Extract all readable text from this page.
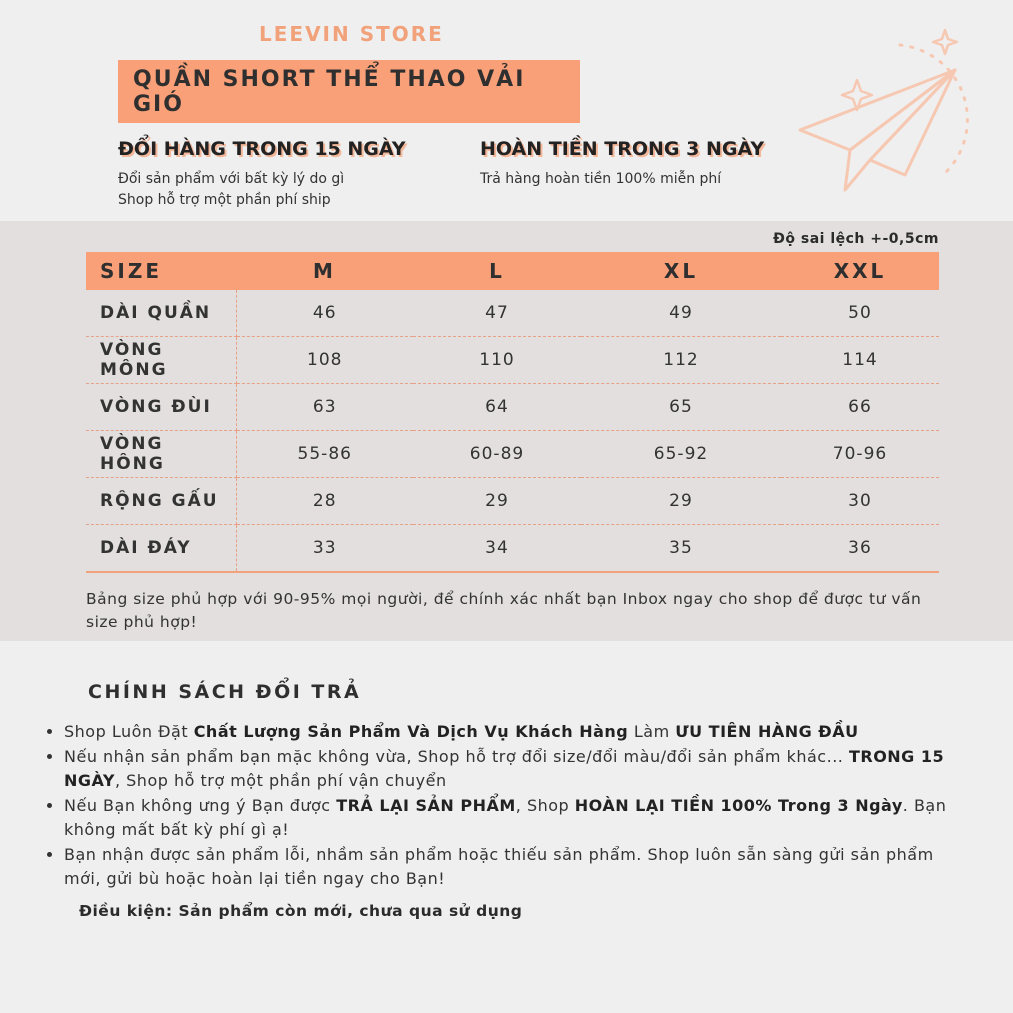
LEEVIN STORE
QUẦN SHORT THỂ THAO VẢI GIÓ
ĐỔI HÀNG TRONG 15 NGÀY
Đổi sản phẩm với bất kỳ lý do gì
Shop hỗ trợ một phần phí ship
HOÀN TIỀN TRONG 3 NGÀY
Trả hàng hoàn tiền 100% miễn phí
Độ sai lệch +-0,5cm
SIZE	M	L	XL	XXL
DÀI QUẦN	46	47	49	50
VÒNG MÔNG	108	110	112	114
VÒNG ĐÙI	63	64	65	66
VÒNG HÔNG	55-86	60-89	65-92	70-96
RỘNG GẤU	28	29	29	30
DÀI ĐÁY	33	34	35	36
Bảng size phủ hợp với 90-95% mọi người, để chính xác nhất bạn Inbox ngay cho shop để được tư vấn size phủ hợp!
CHÍNH SÁCH ĐỔI TRẢ
• Shop Luôn Đặt Chất Lượng Sản Phẩm Và Dịch Vụ Khách Hàng Làm ƯU TIÊN HÀNG ĐẦU
• Nếu nhận sản phẩm bạn mặc không vừa, Shop hỗ trợ đổi size/đổi màu/đổi sản phẩm khác... TRONG 15 NGÀY, Shop hỗ trợ một phần phí vận chuyển
• Nếu Bạn không ưng ý Bạn được TRẢ LẠI SẢN PHẨM, Shop HOÀN LẠI TIỀN 100% Trong 3 Ngày. Bạn không mất bất kỳ phí gì ạ!
• Bạn nhận được sản phẩm lỗi, nhầm sản phẩm hoặc thiếu sản phẩm. Shop luôn sẵn sàng gửi sản phẩm mới, gửi bù hoặc hoàn lại tiền ngay cho Bạn!
Điều kiện: Sản phẩm còn mới, chưa qua sử dụng
